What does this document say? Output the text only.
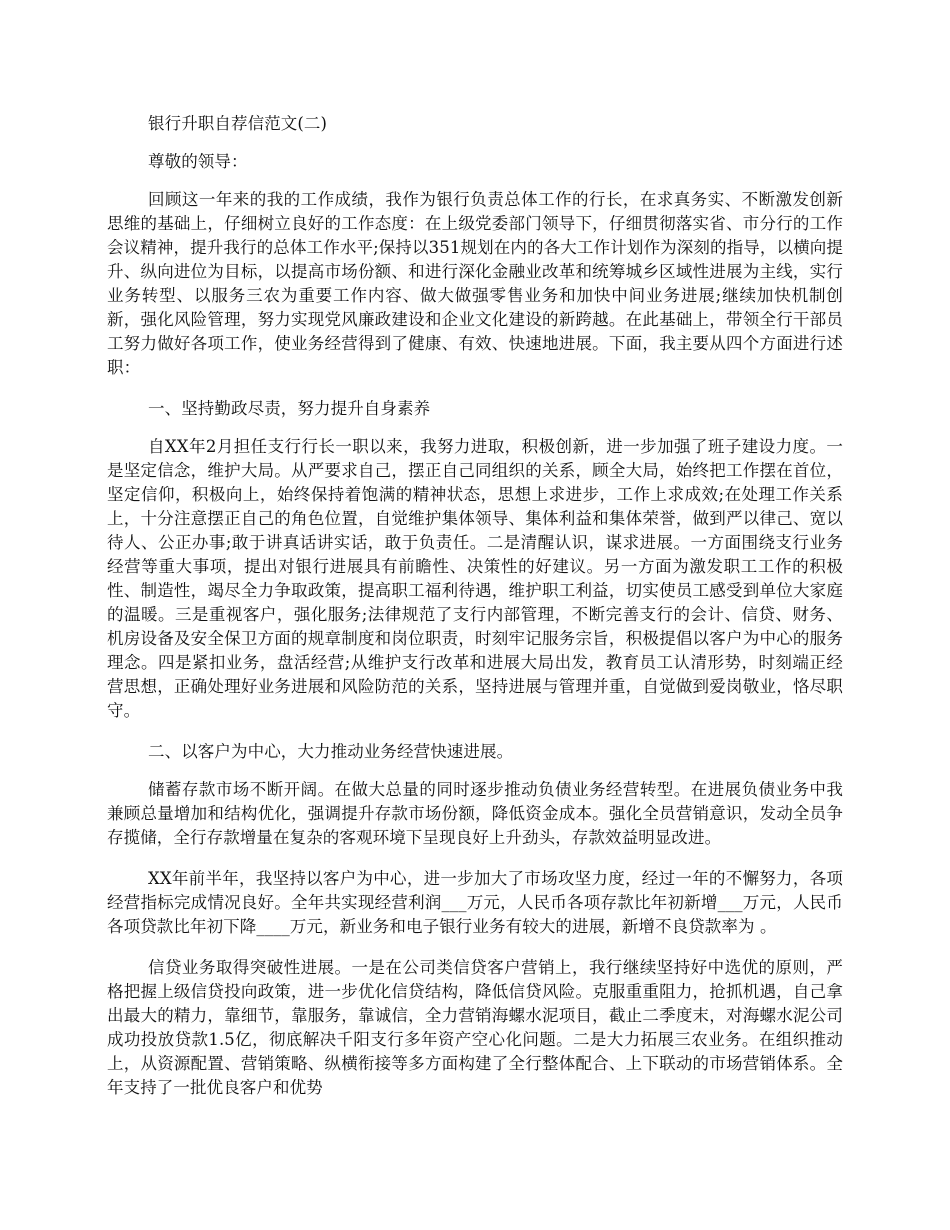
银行升职自荐信范文(二)

尊敬的领导：

回顾这一年来的我的工作成绩，我作为银行负责总体工作的行长，在求真务实、不断激发创新思维的基础上，仔细树立良好的工作态度：在上级党委部门领导下，仔细贯彻落实省、市分行的工作会议精神，提升我行的总体工作水平;保持以351规划在内的各大工作计划作为深刻的指导，以横向提升、纵向进位为目标，以提高市场份额、和进行深化金融业改革和统筹城乡区域性进展为主线，实行业务转型、以服务三农为重要工作内容、做大做强零售业务和加快中间业务进展;继续加快机制创新，强化风险管理，努力实现党风廉政建设和企业文化建设的新跨越。在此基础上，带领全行干部员工努力做好各项工作，使业务经营得到了健康、有效、快速地进展。下面，我主要从四个方面进行述职：

一、坚持勤政尽责，努力提升自身素养

自XX年2月担任支行行长一职以来，我努力进取，积极创新，进一步加强了班子建设力度。一是坚定信念，维护大局。从严要求自己，摆正自己同组织的关系，顾全大局，始终把工作摆在首位，坚定信仰，积极向上，始终保持着饱满的精神状态，思想上求进步，工作上求成效;在处理工作关系上，十分注意摆正自己的角色位置，自觉维护集体领导、集体利益和集体荣誉，做到严以律己、宽以待人、公正办事;敢于讲真话讲实话，敢于负责任。二是清醒认识，谋求进展。一方面围绕支行业务经营等重大事项，提出对银行进展具有前瞻性、决策性的好建议。另一方面为激发职工工作的积极性、制造性，竭尽全力争取政策，提高职工福利待遇，维护职工利益，切实使员工感受到单位大家庭的温暖。三是重视客户，强化服务;法律规范了支行内部管理，不断完善支行的会计、信贷、财务、机房设备及安全保卫方面的规章制度和岗位职责，时刻牢记服务宗旨，积极提倡以客户为中心的服务理念。四是紧扣业务，盘活经营;从维护支行改革和进展大局出发，教育员工认清形势，时刻端正经营思想，正确处理好业务进展和风险防范的关系，坚持进展与管理并重，自觉做到爱岗敬业，恪尽职守。

二、以客户为中心，大力推动业务经营快速进展。

储蓄存款市场不断开阔。在做大总量的同时逐步推动负债业务经营转型。在进展负债业务中我兼顾总量增加和结构优化，强调提升存款市场份额，降低资金成本。强化全员营销意识，发动全员争存揽储，全行存款增量在复杂的客观环境下呈现良好上升劲头，存款效益明显改进。

XX年前半年，我坚持以客户为中心，进一步加大了市场攻坚力度，经过一年的不懈努力，各项经营指标完成情况良好。全年共实现经营利润___万元，人民币各项存款比年初新增___万元，人民币各项贷款比年初下降____万元，新业务和电子银行业务有较大的进展，新增不良贷款率为 。

信贷业务取得突破性进展。一是在公司类信贷客户营销上，我行继续坚持好中选优的原则，严格把握上级信贷投向政策，进一步优化信贷结构，降低信贷风险。克服重重阻力，抢抓机遇，自己拿出最大的精力，靠细节，靠服务，靠诚信，全力营销海螺水泥项目，截止二季度末，对海螺水泥公司成功投放贷款1.5亿，彻底解决千阳支行多年资产空心化问题。二是大力拓展三农业务。在组织推动上，从资源配置、营销策略、纵横衔接等多方面构建了全行整体配合、上下联动的市场营销体系。全年支持了一批优良客户和优势
